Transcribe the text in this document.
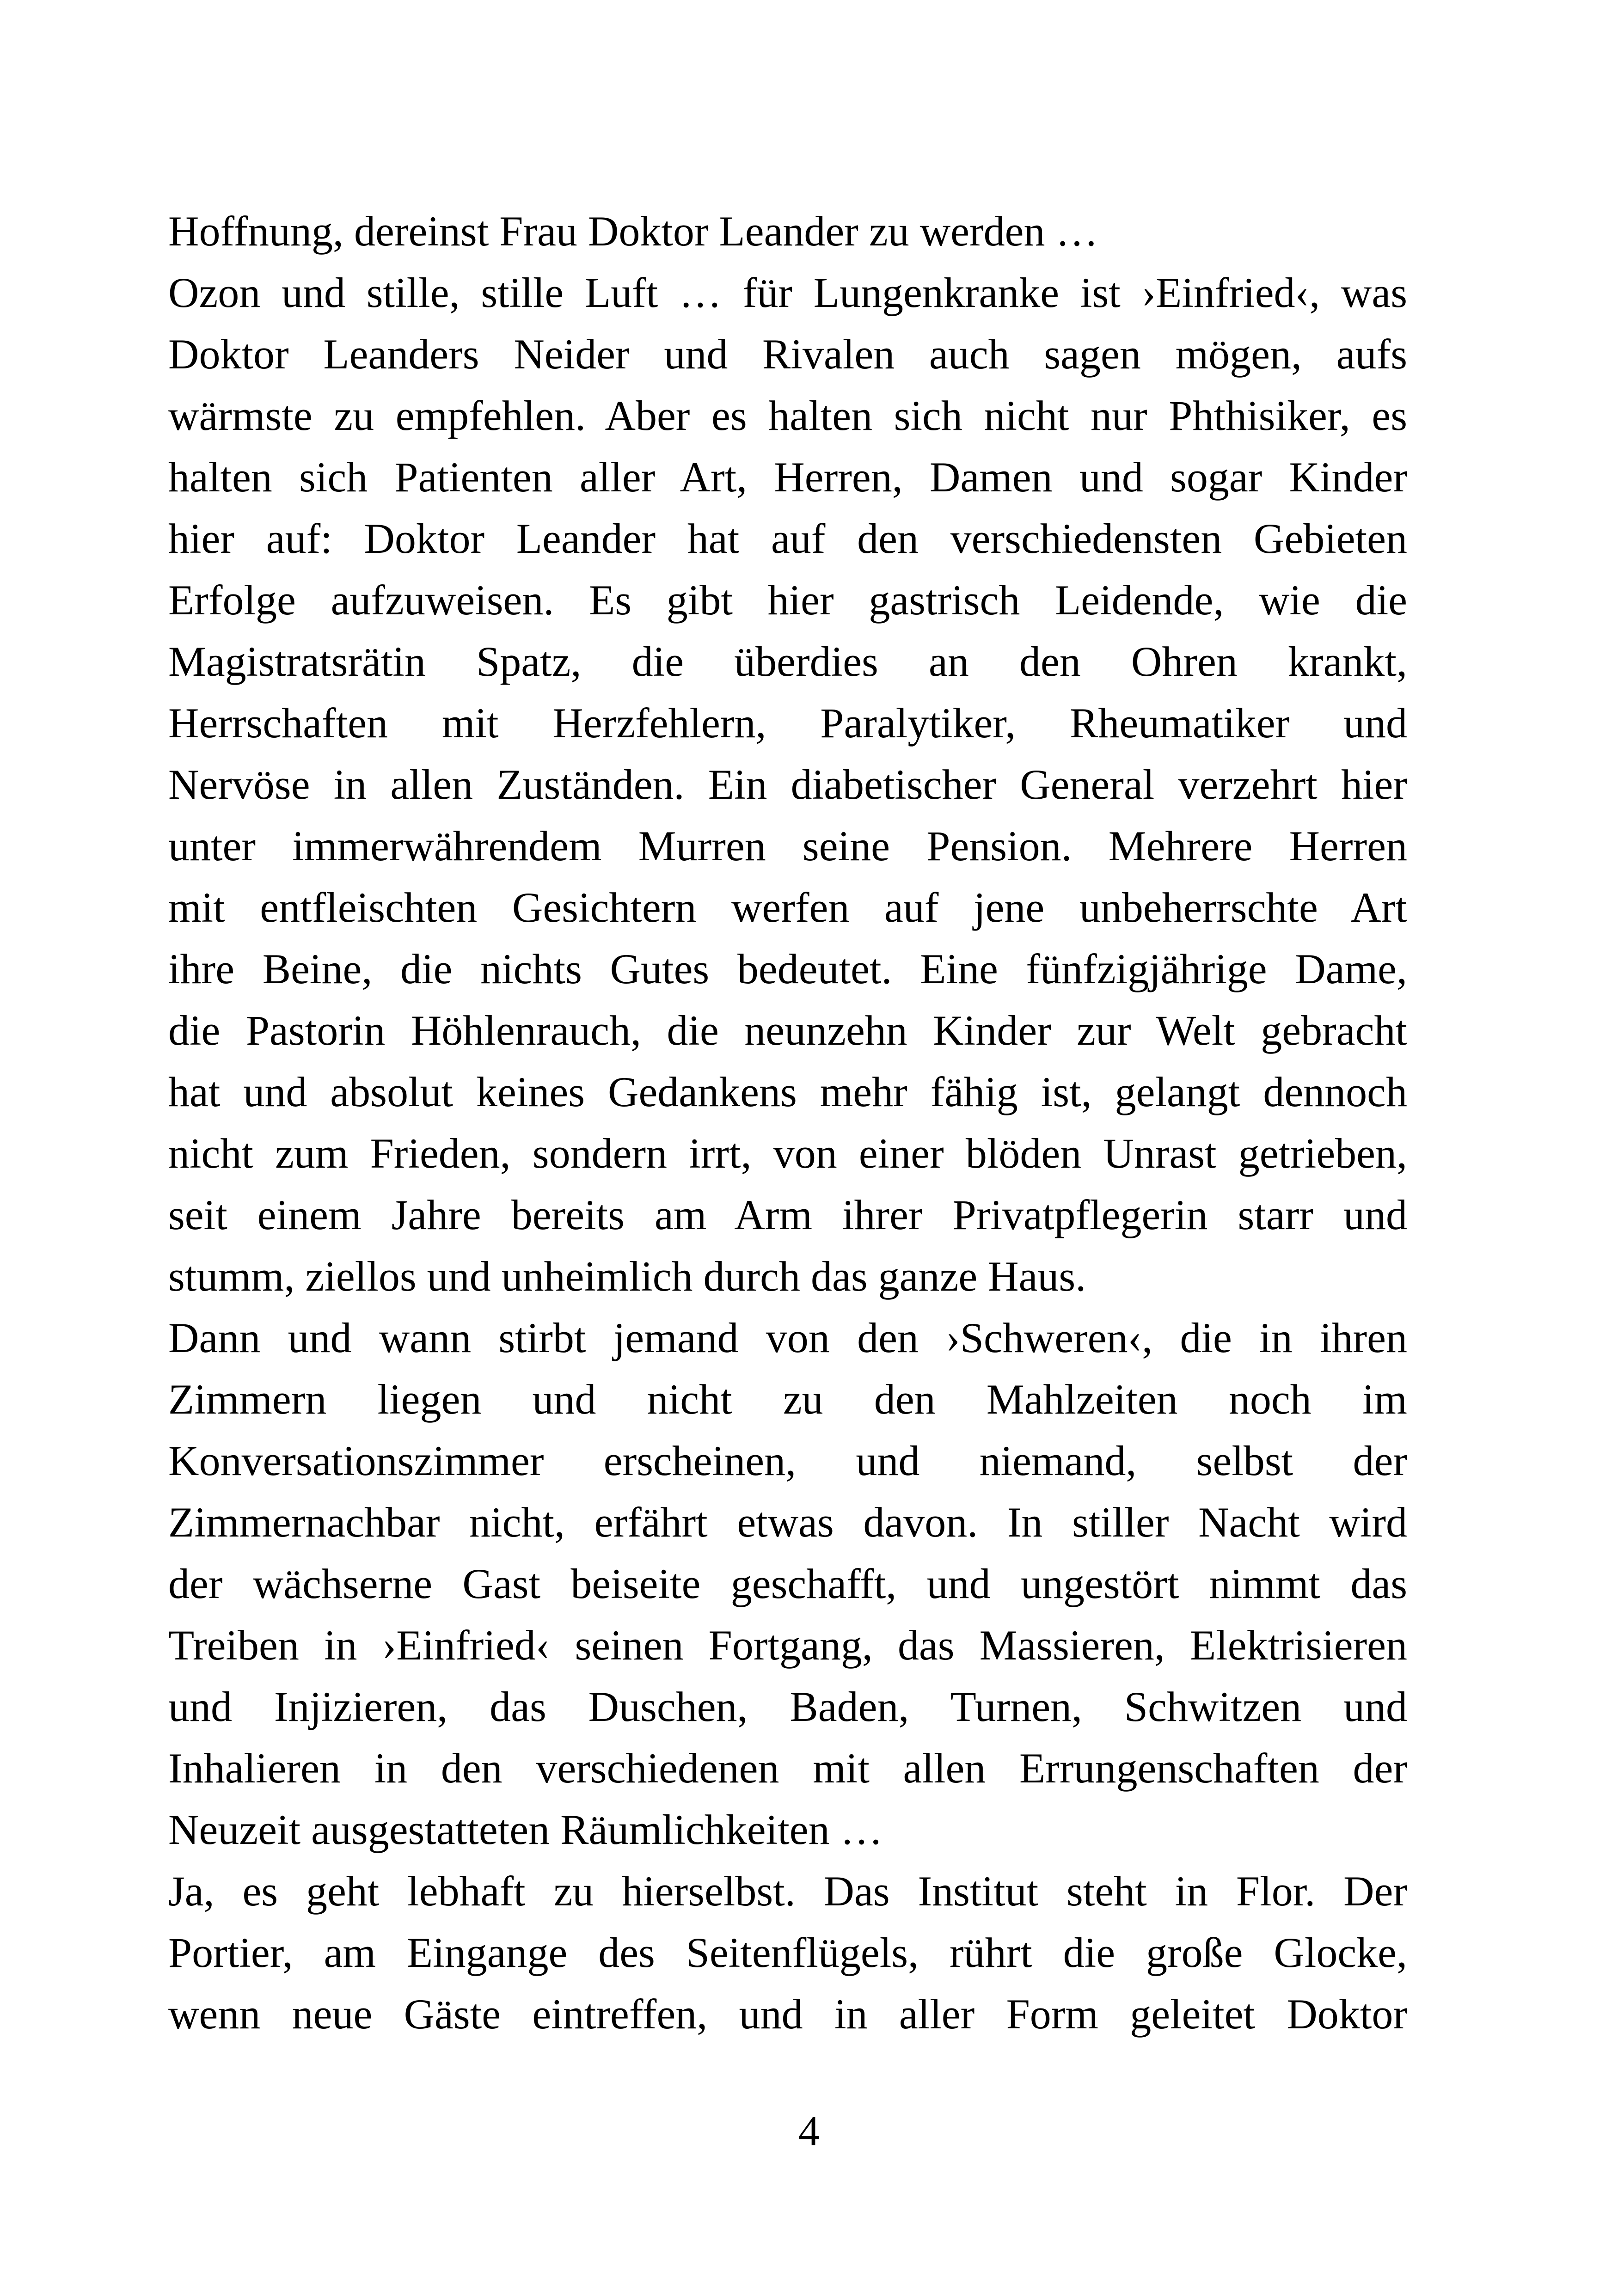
Hoffnung, dereinst Frau Doktor Leander zu werden …
Ozon und stille, stille Luft … für Lungenkranke ist ›Einfried‹, was
Doktor Leanders Neider und Rivalen auch sagen mögen, aufs
wärmste zu empfehlen. Aber es halten sich nicht nur Phthisiker, es
halten sich Patienten aller Art, Herren, Damen und sogar Kinder
hier auf: Doktor Leander hat auf den verschiedensten Gebieten
Erfolge aufzuweisen. Es gibt hier gastrisch Leidende, wie die
Magistratsrätin Spatz, die überdies an den Ohren krankt,
Herrschaften mit Herzfehlern, Paralytiker, Rheumatiker und
Nervöse in allen Zuständen. Ein diabetischer General verzehrt hier
unter immerwährendem Murren seine Pension. Mehrere Herren
mit entfleischten Gesichtern werfen auf jene unbeherrschte Art
ihre Beine, die nichts Gutes bedeutet. Eine fünfzigjährige Dame,
die Pastorin Höhlenrauch, die neunzehn Kinder zur Welt gebracht
hat und absolut keines Gedankens mehr fähig ist, gelangt dennoch
nicht zum Frieden, sondern irrt, von einer blöden Unrast getrieben,
seit einem Jahre bereits am Arm ihrer Privatpflegerin starr und
stumm, ziellos und unheimlich durch das ganze Haus.
Dann und wann stirbt jemand von den ›Schweren‹, die in ihren
Zimmern liegen und nicht zu den Mahlzeiten noch im
Konversationszimmer erscheinen, und niemand, selbst der
Zimmernachbar nicht, erfährt etwas davon. In stiller Nacht wird
der wächserne Gast beiseite geschafft, und ungestört nimmt das
Treiben in ›Einfried‹ seinen Fortgang, das Massieren, Elektrisieren
und Injizieren, das Duschen, Baden, Turnen, Schwitzen und
Inhalieren in den verschiedenen mit allen Errungenschaften der
Neuzeit ausgestatteten Räumlichkeiten …
Ja, es geht lebhaft zu hierselbst. Das Institut steht in Flor. Der
Portier, am Eingange des Seitenflügels, rührt die große Glocke,
wenn neue Gäste eintreffen, und in aller Form geleitet Doktor
4
